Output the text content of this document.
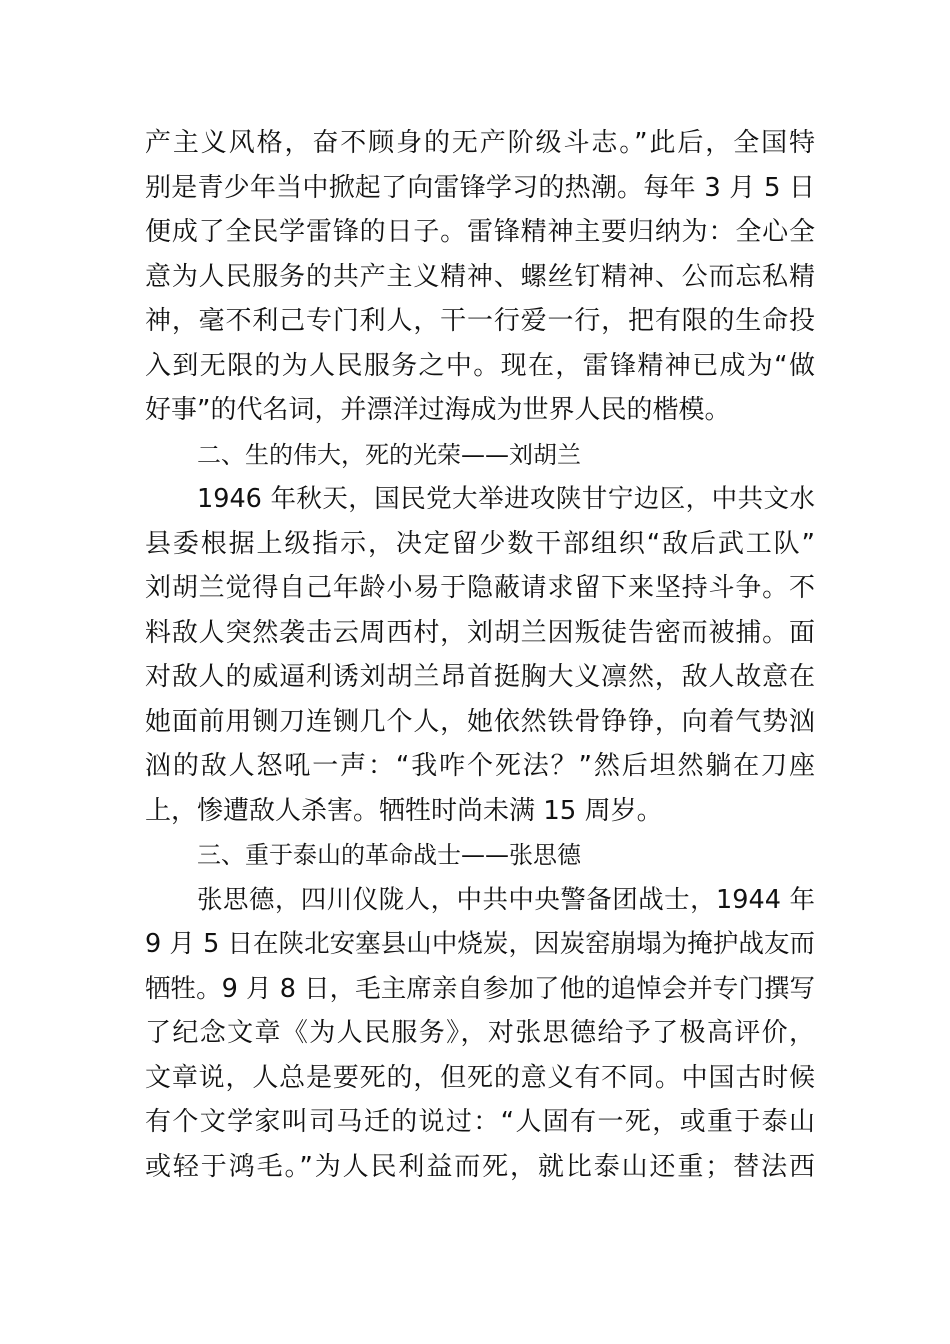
产主义风格，奋不顾身的无产阶级斗志。”此后，全国特
别是青少年当中掀起了向雷锋学习的热潮。每年 3 月 5 日
便成了全民学雷锋的日子。雷锋精神主要归纳为：全心全
意为人民服务的共产主义精神、螺丝钉精神、公而忘私精
神，毫不利己专门利人，干一行爱一行，把有限的生命投
入到无限的为人民服务之中。现在，雷锋精神已成为“做
好事”的代名词，并漂洋过海成为世界人民的楷模。
二、生的伟大，死的光荣——刘胡兰
1946 年秋天，国民党大举进攻陕甘宁边区，中共文水
县委根据上级指示，决定留少数干部组织“敌后武工队”
刘胡兰觉得自己年龄小易于隐蔽请求留下来坚持斗争。不
料敌人突然袭击云周西村，刘胡兰因叛徒告密而被捕。面
对敌人的威逼利诱刘胡兰昂首挺胸大义凛然，敌人故意在
她面前用铡刀连铡几个人，她依然铁骨铮铮，向着气势汹
汹的敌人怒吼一声：“我咋个死法？”然后坦然躺在刀座
上，惨遭敌人杀害。牺牲时尚未满 15 周岁。
三、重于泰山的革命战士——张思德
张思德，四川仪陇人，中共中央警备团战士，1944 年
9 月 5 日在陕北安塞县山中烧炭，因炭窑崩塌为掩护战友而
牺牲。9 月 8 日，毛主席亲自参加了他的追悼会并专门撰写
了纪念文章《为人民服务》，对张思德给予了极高评价，
文章说，人总是要死的，但死的意义有不同。中国古时候
有个文学家叫司马迁的说过：“人固有一死，或重于泰山
或轻于鸿毛。”为人民利益而死，就比泰山还重；替法西
